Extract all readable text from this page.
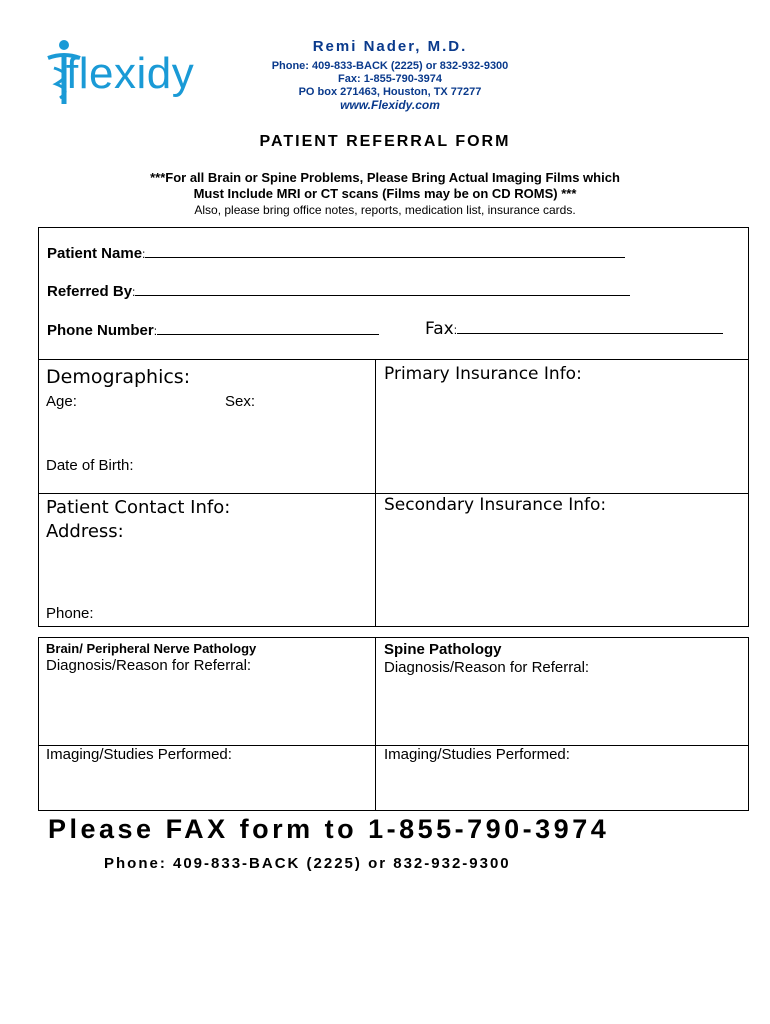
flexidy
Remi Nader, M.D.
Phone: 409-833-BACK (2225) or 832-932-9300
Fax: 1-855-790-3974
PO box 271463, Houston, TX 77277
www.Flexidy.com
PATIENT REFERRAL FORM
***For all Brain or Spine Problems, Please Bring Actual Imaging Films which
Must Include MRI or CT scans (Films may be on CD ROMS) ***
Also, please bring office notes, reports, medication list, insurance cards.
Patient Name:
Referred By:
Phone Number:	Fax:
Demographics:
Age:	Sex:
Date of Birth:
Primary Insurance Info:
Patient Contact Info:
Address:
Phone:
Secondary Insurance Info:
Brain/ Peripheral Nerve Pathology
Diagnosis/Reason for Referral:
Imaging/Studies Performed:
Spine Pathology
Diagnosis/Reason for Referral:
Imaging/Studies Performed:
Please FAX form to 1-855-790-3974
Phone: 409-833-BACK (2225) or 832-932-9300
